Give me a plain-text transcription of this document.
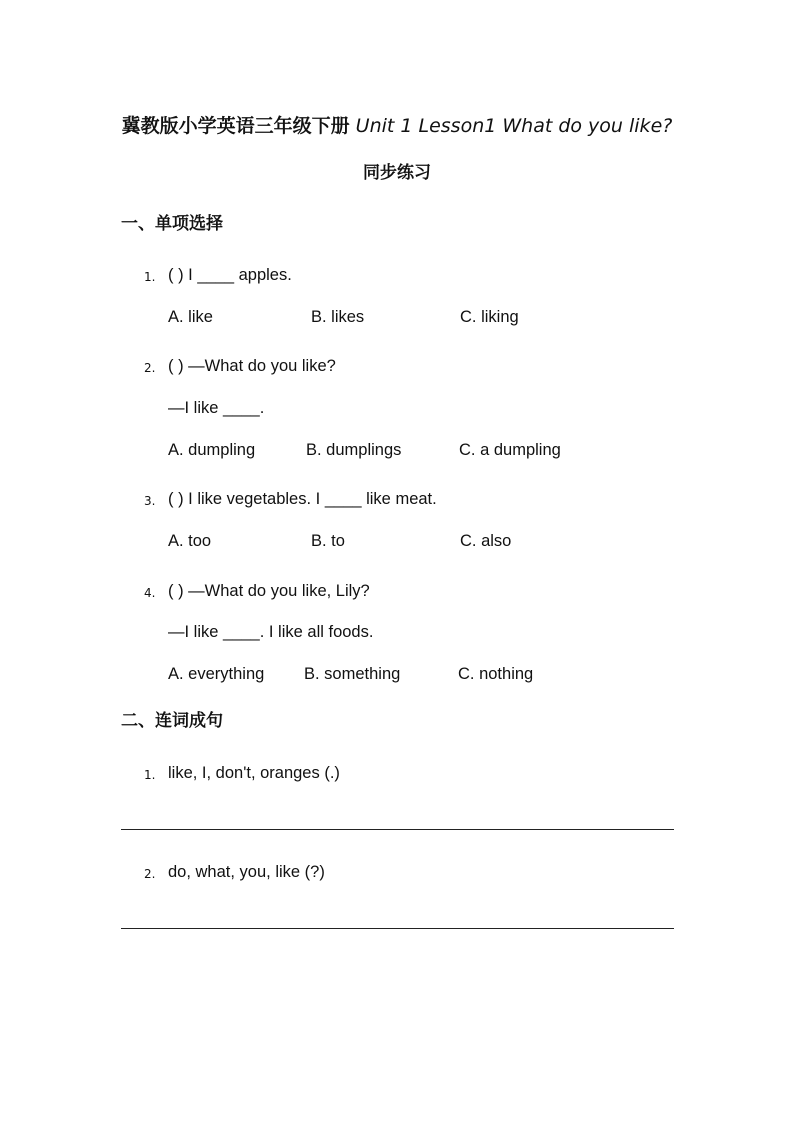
冀教版小学英语三年级下册 Unit 1 Lesson1 What do you like?
同步练习
一、单项选择
1. ( ) I ____ apples.
A. like	B. likes	C. liking
2. ( ) —What do you like?
—I like ____.
A. dumpling	B. dumplings	C. a dumpling
3. ( ) I like vegetables. I ____ like meat.
A. too	B. to	C. also
4. ( ) —What do you like, Lily?
—I like ____. I like all foods.
A. everything B. something	C. nothing
二、连词成句
1. like, I, don't, oranges (.)
2. do, what, you, like (?)
